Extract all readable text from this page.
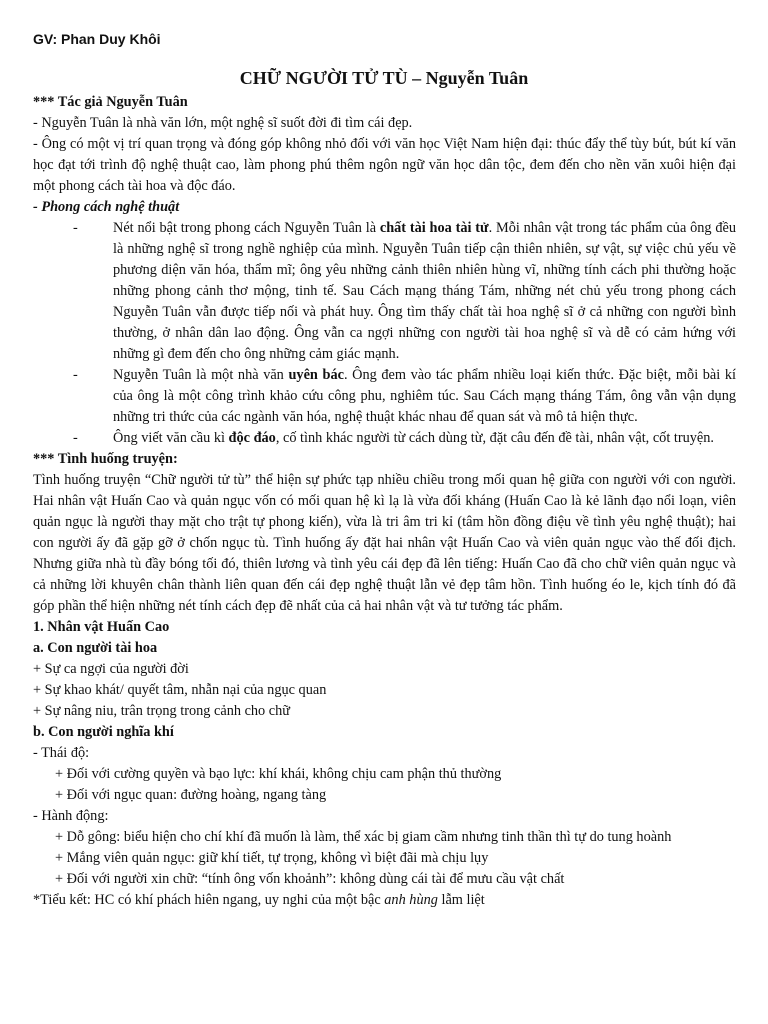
GV: Phan Duy Khôi
CHỮ NGƯỜI TỬ TÙ – Nguyễn Tuân

*** Tác giả Nguyễn Tuân

- Nguyễn Tuân là nhà văn lớn, một nghệ sĩ suốt đời đi tìm cái đẹp.

- Ông có một vị trí quan trọng và đóng góp không nhỏ đối với văn học Việt Nam hiện đại: thúc đẩy thể tùy bút, bút kí văn học đạt tới trình độ nghệ thuật cao, làm phong phú thêm ngôn ngữ văn học dân tộc, đem đến cho nền văn xuôi hiện đại một phong cách tài hoa và độc đáo.

- Phong cách nghệ thuật

-	Nét nổi bật trong phong cách Nguyễn Tuân là chất tài hoa tài tử. Mỗi nhân vật trong tác phẩm của ông đều là những nghệ sĩ trong nghề nghiệp của mình. Nguyễn Tuân tiếp cận thiên nhiên, sự vật, sự việc chủ yếu về phương diện văn hóa, thẩm mĩ; ông yêu những cảnh thiên nhiên hùng vĩ, những tính cách phi thường hoặc những phong cảnh thơ mộng, tinh tế. Sau Cách mạng tháng Tám, những nét chủ yếu trong phong cách Nguyễn Tuân vẫn được tiếp nối và phát huy. Ông tìm thấy chất tài hoa nghệ sĩ ở cả những con người bình thường, ở nhân dân lao động. Ông vẫn ca ngợi những con người tài hoa nghệ sĩ và dễ có cảm hứng với những gì đem đến cho ông những cảm giác mạnh.
-	Nguyễn Tuân là một nhà văn uyên bác. Ông đem vào tác phẩm nhiều loại kiến thức. Đặc biệt, mỗi bài kí của ông là một công trình khảo cứu công phu, nghiêm túc. Sau Cách mạng tháng Tám, ông vẫn vận dụng những tri thức của các ngành văn hóa, nghệ thuật khác nhau để quan sát và mô tả hiện thực.
-	Ông viết văn cầu kì độc đáo, cố tình khác người từ cách dùng từ, đặt câu đến đề tài, nhân vật, cốt truyện.

*** Tình huống truyện:

Tình huống truyện “Chữ người tử tù” thể hiện sự phức tạp nhiều chiều trong mối quan hệ giữa con người với con người. Hai nhân vật Huấn Cao và quản ngục vốn có mối quan hệ kì lạ là vừa đối kháng (Huấn Cao là kẻ lãnh đạo nổi loạn, viên quản ngục là người thay mặt cho trật tự phong kiến), vừa là tri âm tri kỉ (tâm hồn đồng điệu về tình yêu nghệ thuật); hai con người ấy đã gặp gỡ ở chốn ngục tù. Tình huống ấy đặt hai nhân vật Huấn Cao và viên quản ngục vào thế đối địch. Nhưng giữa nhà tù đầy bóng tối đó, thiên lương và tình yêu cái đẹp đã lên tiếng: Huấn Cao đã cho chữ viên quản ngục và cả những lời khuyên chân thành liên quan đến cái đẹp nghệ thuật lẫn vẻ đẹp tâm hồn. Tình huống éo le, kịch tính đó đã góp phần thể hiện những nét tính cách đẹp đẽ nhất của cả hai nhân vật và tư tưởng tác phẩm.

1. Nhân vật Huấn Cao

a. Con người tài hoa

+ Sự ca ngợi của người đời

+ Sự khao khát/ quyết tâm, nhẫn nại của ngục quan

+ Sự nâng niu, trân trọng trong cảnh cho chữ

b. Con người nghĩa khí

- Thái độ:

+ Đối với cường quyền và bạo lực: khí khái, không chịu cam phận thủ thường

+ Đối với ngục quan: đường hoàng, ngang tàng

- Hành động:

+ Dỗ gông: biểu hiện cho chí khí đã muốn là làm, thể xác bị giam cầm nhưng tinh thần thì tự do tung hoành

+ Mắng viên quản ngục: giữ khí tiết, tự trọng, không vì biệt đãi mà chịu lụy

+ Đối với người xin chữ: “tính ông vốn khoảnh”: không dùng cái tài để mưu cầu vật chất

*Tiểu kết: HC có khí phách hiên ngang, uy nghi của một bậc anh hùng lẫm liệt
